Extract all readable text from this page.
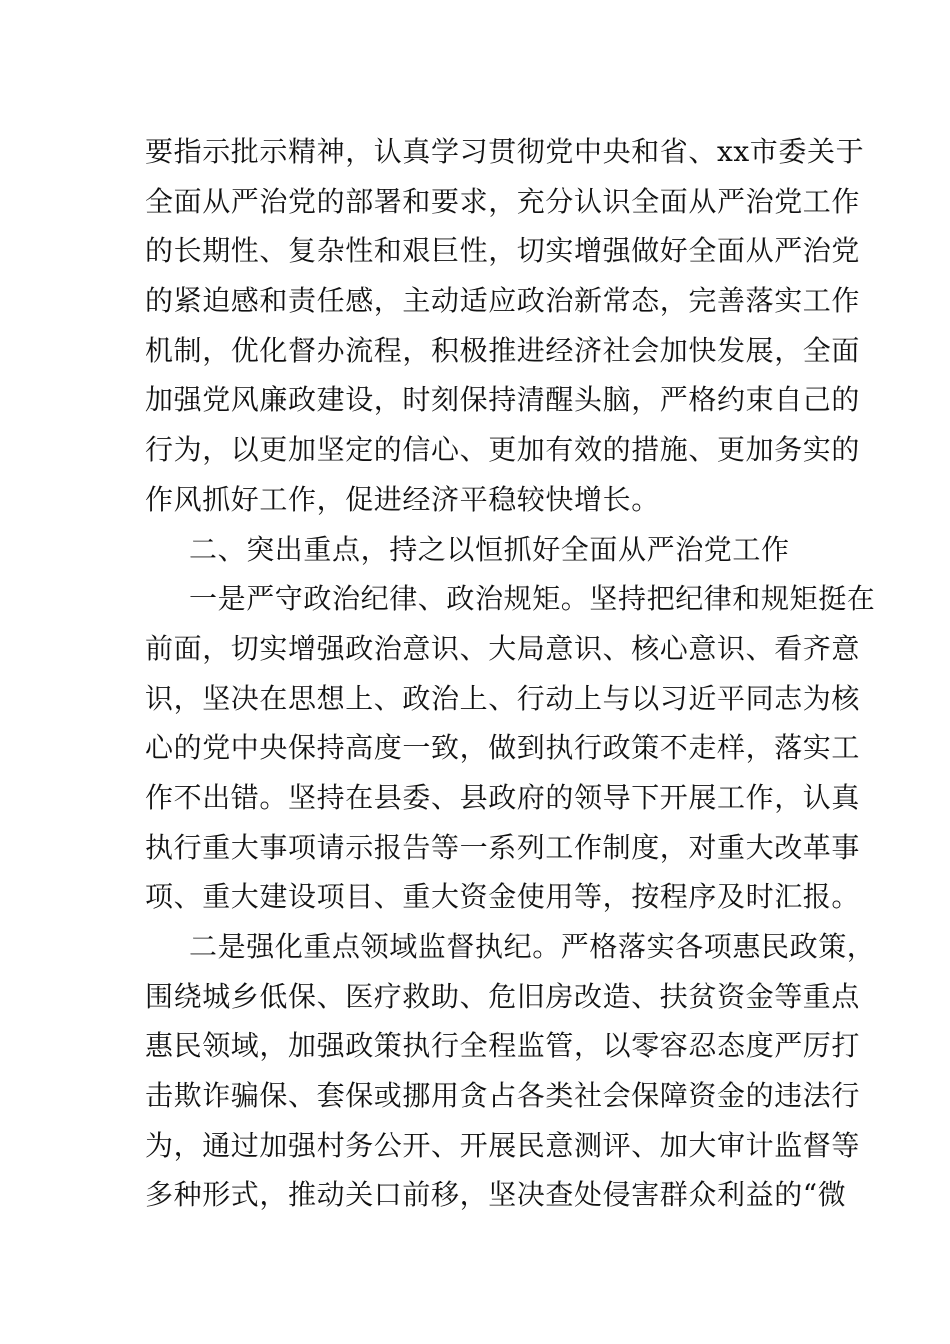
要指示批示精神，认真学习贯彻党中央和省、xx市委关于
全面从严治党的部署和要求，充分认识全面从严治党工作
的长期性、复杂性和艰巨性，切实增强做好全面从严治党
的紧迫感和责任感，主动适应政治新常态，完善落实工作
机制，优化督办流程，积极推进经济社会加快发展，全面
加强党风廉政建设，时刻保持清醒头脑，严格约束自己的
行为，以更加坚定的信心、更加有效的措施、更加务实的
作风抓好工作，促进经济平稳较快增长。
二、突出重点，持之以恒抓好全面从严治党工作
一是严守政治纪律、政治规矩。坚持把纪律和规矩挺在
前面，切实增强政治意识、大局意识、核心意识、看齐意
识，坚决在思想上、政治上、行动上与以习近平同志为核
心的党中央保持高度一致，做到执行政策不走样，落实工
作不出错。坚持在县委、县政府的领导下开展工作，认真
执行重大事项请示报告等一系列工作制度，对重大改革事
项、重大建设项目、重大资金使用等，按程序及时汇报。
二是强化重点领域监督执纪。严格落实各项惠民政策，
围绕城乡低保、医疗救助、危旧房改造、扶贫资金等重点
惠民领域，加强政策执行全程监管，以零容忍态度严厉打
击欺诈骗保、套保或挪用贪占各类社会保障资金的违法行
为，通过加强村务公开、开展民意测评、加大审计监督等
多种形式，推动关口前移，坚决查处侵害群众利益的“微
